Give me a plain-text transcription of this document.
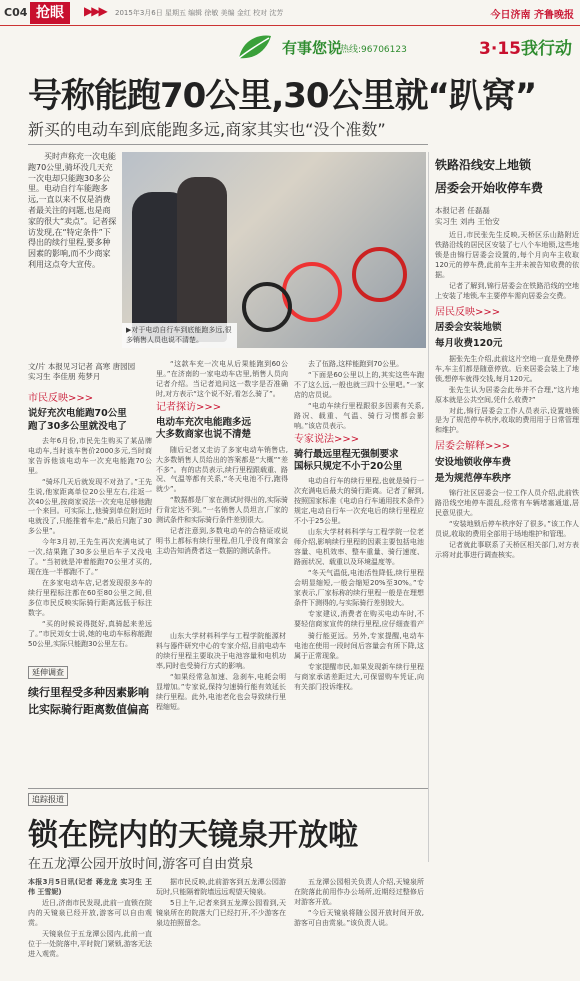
C04 抢眼	▶▶▶ 2015年3月6日 星期五 编辑 徐敏 美编 金红 校对 沈芳	今日济南 齐鲁晚报
有事您说
热线:96706123	3·15我行动
号称能跑70公里,30公里就“趴窝”
新买的电动车到底能跑多远,商家其实也“没个准数”

买时声称充一次电能跑70公里,骑坏没几天充一次电却只能跑30多公里。电动自行车能跑多远,一直以来不仅是消费者最关注的问题,也是商家的很大“卖点”。记者探访发现,在“特定条件”下得出的续行里程,要多种因素的影响,而不少商家利用这点夸大宣传。

▶对于电动自行车到底能跑多远,很多销售人员也说不清楚。
文/片 本报见习记者 高寒 唐园园
实习生 李佳朋 苑梦月
市民反映>>>
说好充次电能跑70公里
跑了30多公里就没电了

去年6月份,市民先生购买了某品牌电动车,当时该车售价2000多元,当时商家告诉他该电动车一次充电能跑70公里。

“骑坏几天后就发现不对劲了。”王先生说,他家距离单位20公里左右,往返一次40公里,按商家说法一次充电足够他跑一个来回。可实际上,他骑到单位附近时电就没了,只能推着车走,“最后只跑了30多公里”。

今年3月初,王先生再次充满电试了一次,结果跑了30多公里后车子又没电了。“当初就是冲着能跑70公里才买的,现在连一半都跑不了。”

在多家电动车店,记者发现很多车的续行里程标注都在60至80公里之间,但多位市民反映实际骑行距离远低于标注数字。

“买的时候说得挺好,真骑起来差远了。”市民刘女士说,她的电动车标称能跑50公里,实际只能跑30公里左右。

延伸调查
续行里程受多种因素影响
比实际骑行距离数值偏高

“这款车充一次电从后果能跑到60公里。”在济南的一家电动车店里,销售人员向记者介绍。当记者追问这一数字是否准确时,对方表示“这个说不好,看怎么骑了”。

记者探访>>>
电动车充次电能跑多远
大多数商家也说不清楚

随后记者又走访了多家电动车销售店,大多数销售人员给出的答案都是“大概”“差不多”。有的店员表示,续行里程跟载重、路况、气温等都有关系,“冬天电池不行,跑得就少”。

“数据都是厂家在测试时得出的,实际骑行肯定达不到。”一名销售人员坦言,厂家的测试条件和实际骑行条件差别很大。

记者注意到,多数电动车的合格证或说明书上都标有续行里程,但几乎没有商家会主动告知消费者这一数据的测试条件。

去了伍路,这样能跑到70公里。

“下面是60公里以上的,其实这些车跑不了这么远,一般也就三四十公里吧。”一家店的店员说。

“电动车续行里程跟很多因素有关系,路况、载重、气温、骑行习惯都会影响。”该店员表示。

专家说法>>>
骑行最远里程无强制要求
国标只规定不小于20公里

电动自行车的续行里程,也就是骑行一次充满电后最大的骑行距离。记者了解到,按照国家标准《电动自行车通用技术条件》规定,电动自行车一次充电后的续行里程应不小于25公里。

山东大学材料科学与工程学院一位老师介绍,影响续行里程的因素主要包括电池容量、电机效率、整车重量、骑行速度、路面状况、载重以及环境温度等。

“冬天气温低,电池活性降低,续行里程会明显缩短,一般会缩短20%至30%。”专家表示,厂家标称的续行里程一般是在理想条件下测得的,与实际骑行差别较大。

专家建议,消费者在购买电动车时,不要轻信商家宣传的续行里程,应仔细查看产

山东大学材料科学与工程学院能源材料与器件研究中心的专家介绍,目前电动车的续行里程主要取决于电池容量和电机功率,同时也受骑行方式的影响。

“如果经常急加速、急刹车,电耗会明显增加。”专家说,保持匀速骑行能有效延长续行里程。此外,电池老化也会导致续行里程缩短。

骑行能更远。另外,专家提醒,电动车电池在使用一段时间后容量会有所下降,这属于正常现象。

专家提醒市民,如果发现新车续行里程与商家承诺差距过大,可保留购车凭证,向有关部门投诉维权。

铁路沿线安上地锁
居委会开始收停车费
本报记者 任磊磊
实习生 刘冉 王怡安

近日,市民张先生反映,天桥区乐山路附近铁路沿线的居民区安装了七八个车地锁,这些地锁是由锦行居委会设置的,每个月向车主收取120元的停车费,此前车主并未被告知收费的依据。

记者了解到,锦行居委会在铁路沿线的空地上安装了地锁,车主要停车需向居委会交费。

居民反映>>>
居委会安装地锁
每月收费120元

据张先生介绍,此前这片空地一直是免费停车,车主们都是随意停放。后来居委会装上了地锁,想停车就得交钱,每月120元。

张先生认为居委会此举并不合理,“这片地原本就是公共空间,凭什么收费?”

对此,锦行居委会工作人员表示,设置地锁是为了规范停车秩序,收取的费用用于日常管理和维护。

居委会解释>>>
安设地锁收停车费
是为规范停车秩序

锦行社区居委会一位工作人员介绍,此前铁路沿线空地停车混乱,经常有车辆堵塞通道,居民意见很大。

“安装地锁后停车秩序好了很多。”该工作人员说,收取的费用全部用于场地维护和管理。

记者就此事联系了天桥区相关部门,对方表示将对此事进行调查核实。

追踪报道
锁在院内的天镜泉开放啦
在五龙潭公园开放时间,游客可自由赏泉

本报3月5日讯(记者 蒋龙龙 实习生 王伟 王雪妮)

近日,济南市民发现,此前一直锁在院内的天镜泉已经开放,游客可以自由观赏。

天镜泉位于五龙潭公园内,此前一直位于一处院落中,平时院门紧锁,游客无法进入观赏。

据市民反映,此前游客到五龙潭公园游玩时,只能隔着院墙远远观望天镜泉。

5日上午,记者来到五龙潭公园看到,天镜泉所在的院落大门已经打开,不少游客在泉边拍照留念。

五龙潭公园相关负责人介绍,天镜泉所在院落此前用作办公场所,近期经过整修后对游客开放。

“今后天镜泉将随公园开放时间开放,游客可自由赏泉。”该负责人说。
